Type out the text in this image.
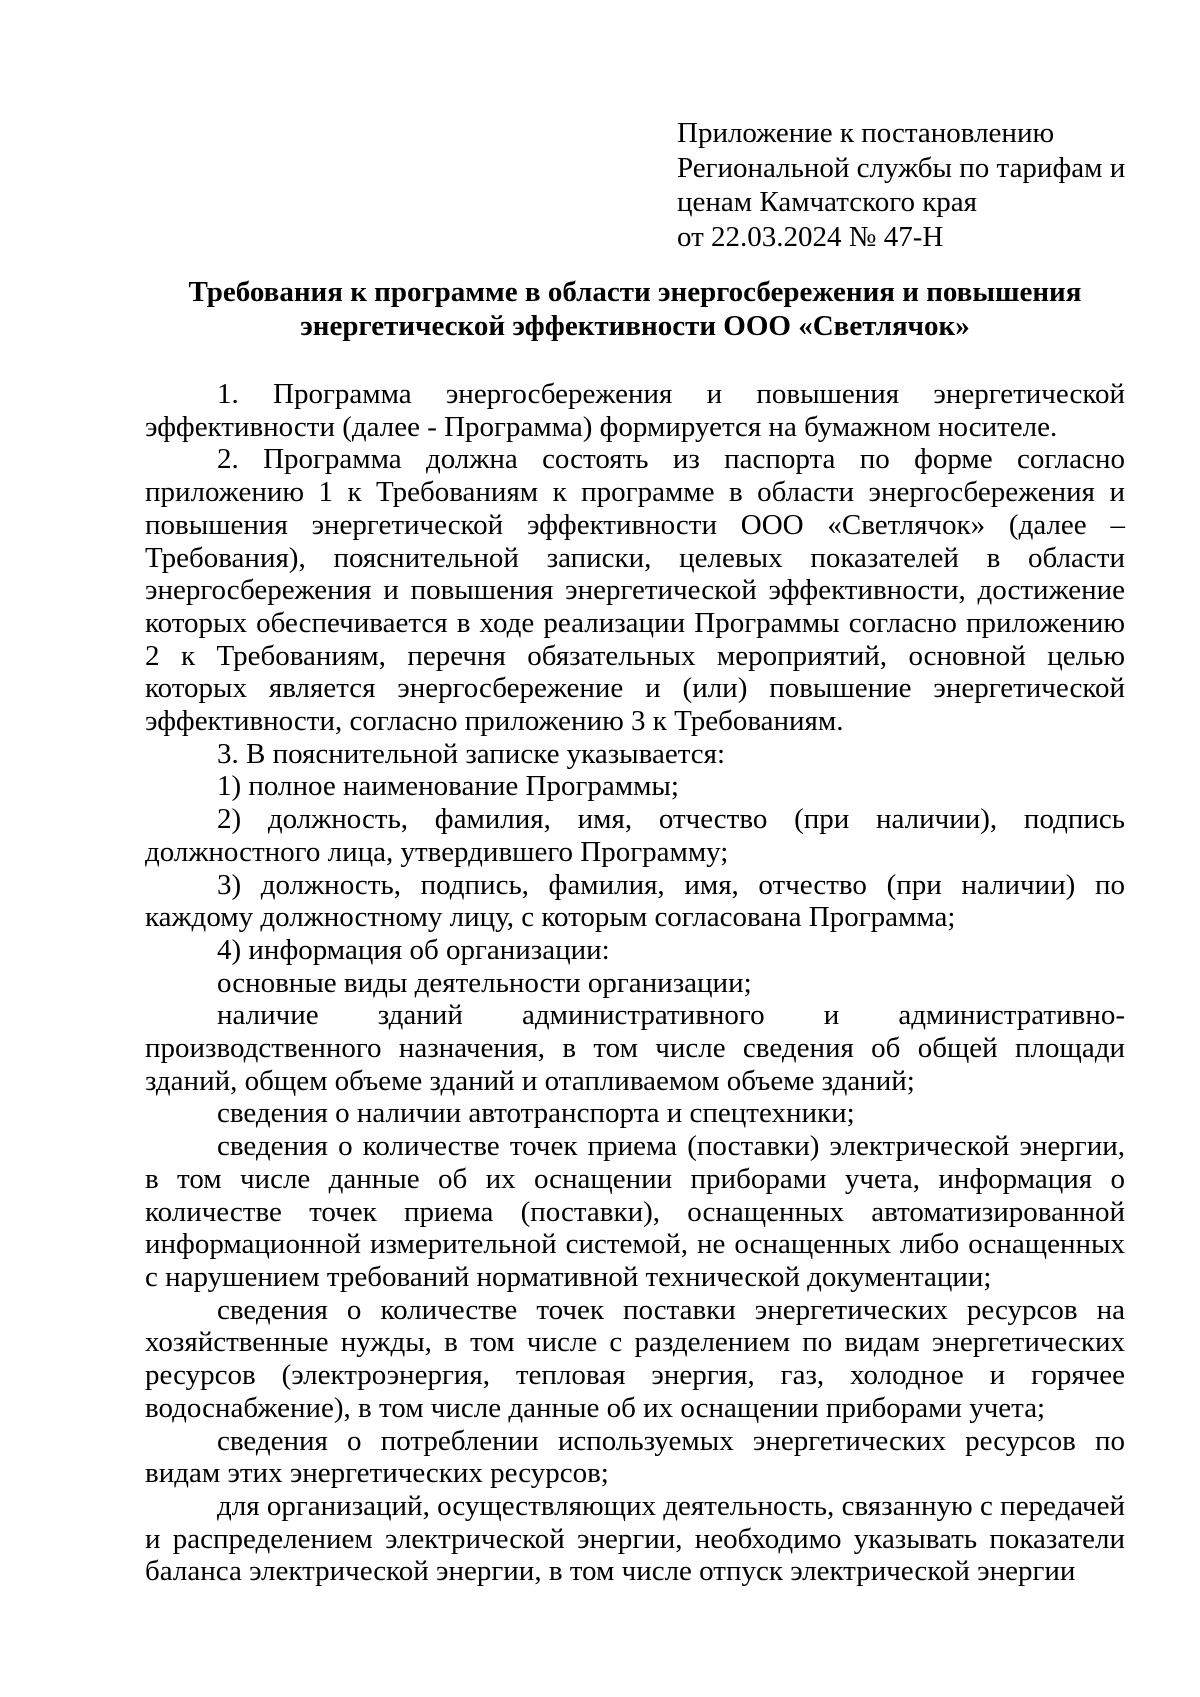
Приложение к постановлению
Региональной службы по тарифам и
ценам Камчатского края
от 22.03.2024 № 47-Н
Требования к программе в области энергосбережения и повышения
энергетической эффективности ООО «Светлячок»

1. Программа энергосбережения и повышения энергетической эффективности (далее - Программа) формируется на бумажном носителе.

2. Программа должна состоять из паспорта по форме согласно приложению 1 к Требованиям к программе в области энергосбережения и повышения энергетической эффективности ООО «Светлячок» (далее – Требования), пояснительной записки, целевых показателей в области энергосбережения и повышения энергетической эффективности, достижение которых обеспечивается в ходе реализации Программы согласно приложению 2 к Требованиям, перечня обязательных мероприятий, основной целью которых является энергосбережение и (или) повышение энергетической эффективности, согласно приложению 3 к Требованиям.

3. В пояснительной записке указывается:

1) полное наименование Программы;

2) должность, фамилия, имя, отчество (при наличии), подпись должностного лица, утвердившего Программу;

3) должность, подпись, фамилия, имя, отчество (при наличии) по каждому должностному лицу, с которым согласована Программа;

4) информация об организации:

основные виды деятельности организации;

наличие зданий административного и административно-производственного назначения, в том числе сведения об общей площади зданий, общем объеме зданий и отапливаемом объеме зданий;

сведения о наличии автотранспорта и спецтехники;

сведения о количестве точек приема (поставки) электрической энергии, в том числе данные об их оснащении приборами учета, информация о количестве точек приема (поставки), оснащенных автоматизированной информационной измерительной системой, не оснащенных либо оснащенных с нарушением требований нормативной технической документации;

сведения о количестве точек поставки энергетических ресурсов на хозяйственные нужды, в том числе с разделением по видам энергетических ресурсов (электроэнергия, тепловая энергия, газ, холодное и горячее водоснабжение), в том числе данные об их оснащении приборами учета;

сведения о потреблении используемых энергетических ресурсов по видам этих энергетических ресурсов;

для организаций, осуществляющих деятельность, связанную с передачей и распределением электрической энергии, необходимо указывать показатели баланса электрической энергии, в том числе отпуск электрической энергии
